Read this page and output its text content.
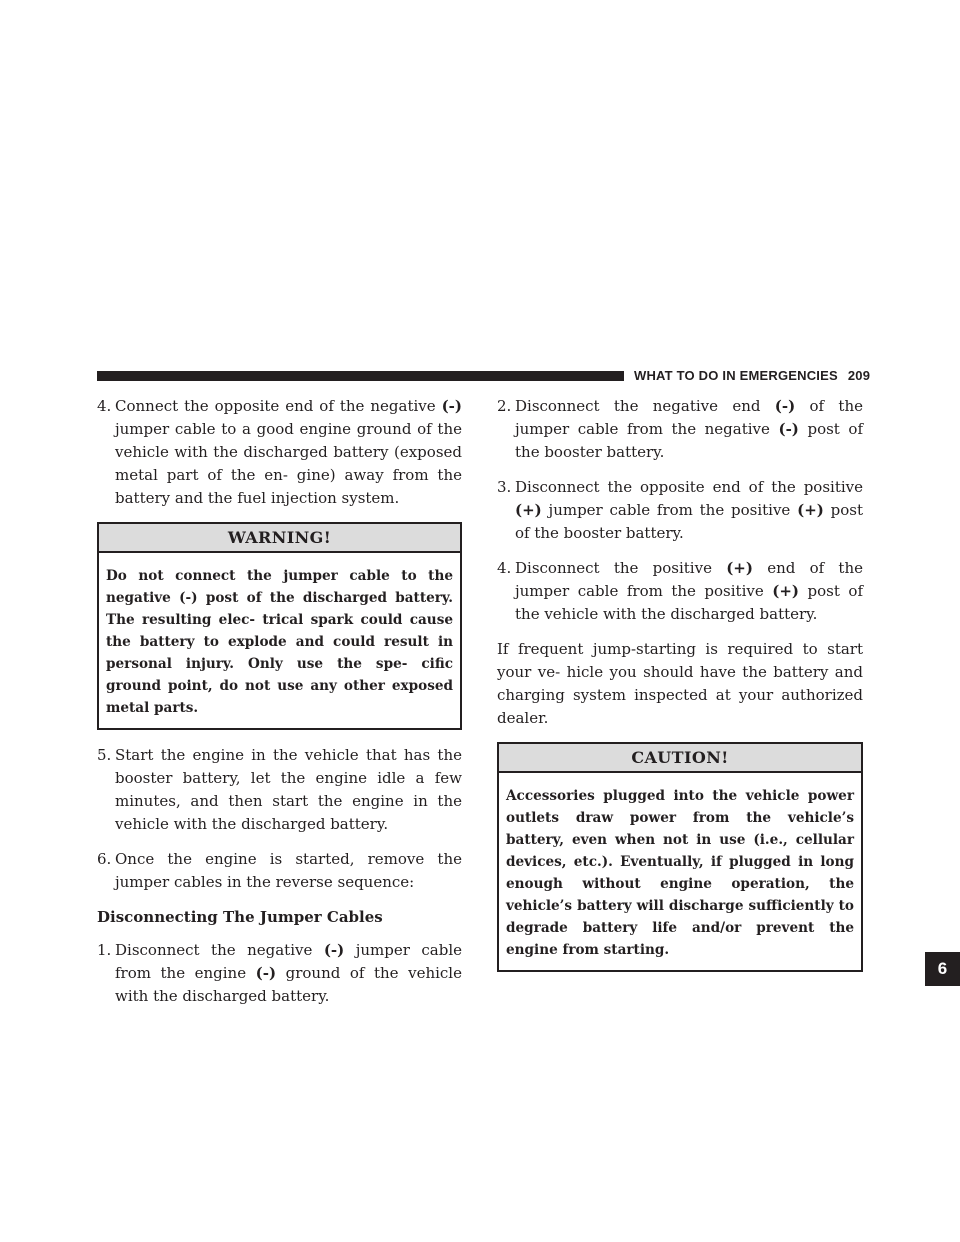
WHAT TO DO IN EMERGENCIES 209
6
4. Connect the opposite end of the negative (-) jumper cable to a good engine ground of the vehicle with the discharged battery (exposed metal part of the en- gine) away from the battery and the fuel injection system.
WARNING!
Do not connect the jumper cable to the negative (-) post of the discharged battery. The resulting elec- trical spark could cause the battery to explode and could result in personal injury. Only use the spe- cific ground point, do not use any other exposed metal parts.
5. Start the engine in the vehicle that has the booster battery, let the engine idle a few minutes, and then start the engine in the vehicle with the discharged battery.
6. Once the engine is started, remove the jumper cables in the reverse sequence:
Disconnecting The Jumper Cables
1. Disconnect the negative (-) jumper cable from the engine (-) ground of the vehicle with the discharged battery.
2. Disconnect the negative end (-) of the jumper cable from the negative (-) post of the booster battery.
3. Disconnect the opposite end of the positive (+) jumper cable from the positive (+) post of the booster battery.
4. Disconnect the positive (+) end of the jumper cable from the positive (+) post of the vehicle with the discharged battery.

If frequent jump-starting is required to start your ve- hicle you should have the battery and charging system inspected at your authorized dealer.

CAUTION!
Accessories plugged into the vehicle power outlets draw power from the vehicle’s battery, even when not in use (i.e., cellular devices, etc.). Eventually, if plugged in long enough without engine operation, the vehicle’s battery will discharge sufficiently to degrade battery life and/or prevent the engine from starting.
